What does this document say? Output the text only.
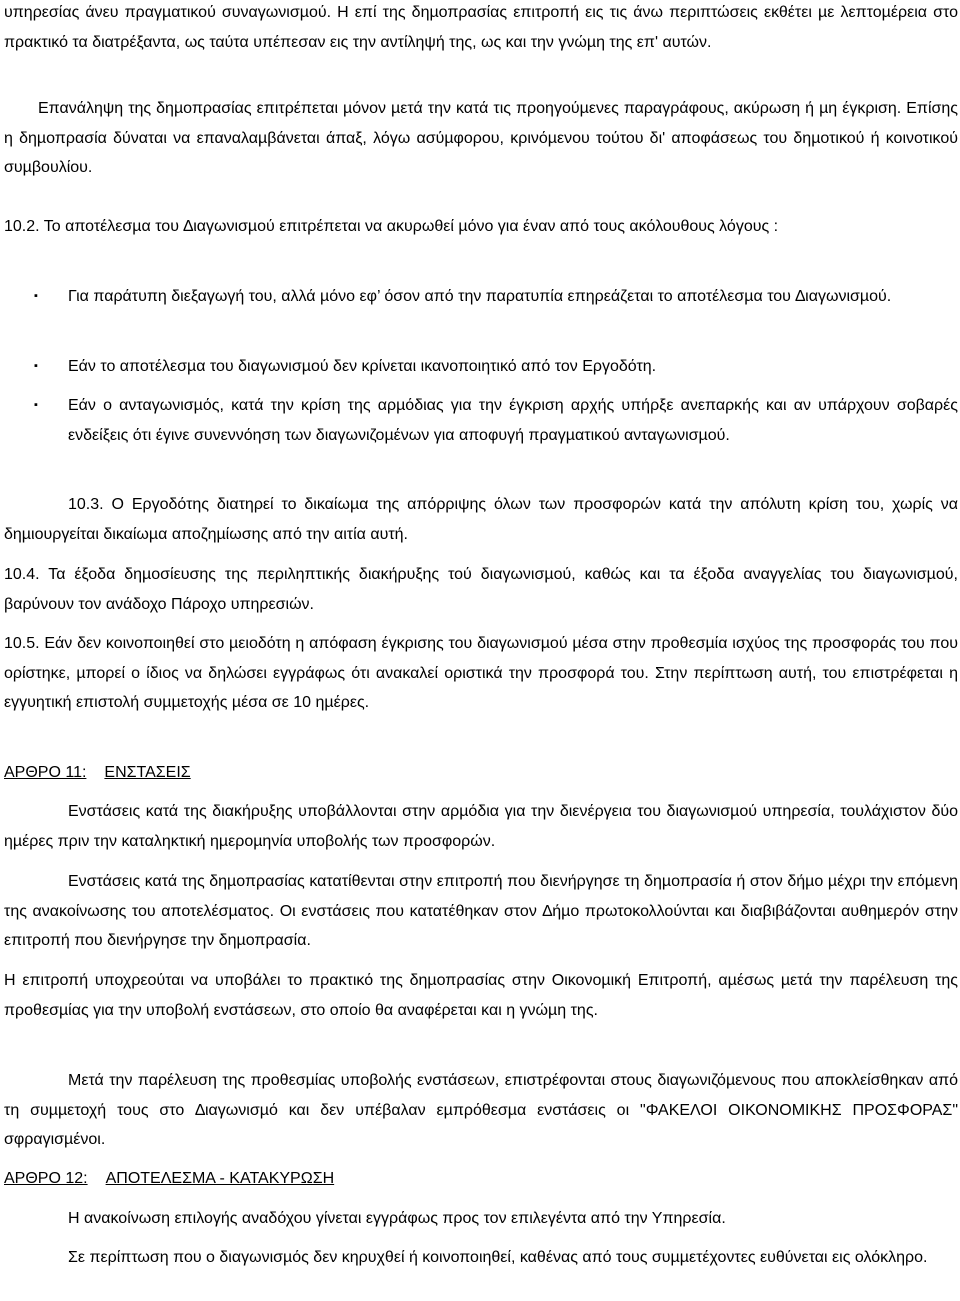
υπηρεσίας άνευ πραγµατικού συναγωνισµού. Η επί της δηµοπρασίας επιτροπή εις τις άνω περιπτώσεις εκθέτει µε λεπτοµέρεια στο πρακτικό τα διατρέξαντα, ως ταύτα υπέπεσαν εις την αντίληψή της, ως και την γνώµη της επ' αυτών.

Επανάληψη της δηµοπρασίας επιτρέπεται µόνον µετά την κατά τις προηγούµενες παραγράφους, ακύρωση ή µη έγκριση. Επίσης η δηµοπρασία δύναται να επαναλαµβάνεται άπαξ, λόγω ασύµφορου, κρινόµενου τούτου δι' αποφάσεως του δηµοτικού ή κοινοτικού συµβουλίου.

10.2. Το αποτέλεσµα του ∆ιαγωνισµού επιτρέπεται να ακυρωθεί µόνο για έναν από τους ακόλουθους λόγους :

▪ Για παράτυπη διεξαγωγή του, αλλά µόνο εφ’ όσον από την παρατυπία επηρεάζεται το αποτέλεσµα του ∆ιαγωνισµού.
▪ Εάν το αποτέλεσµα του διαγωνισµού δεν κρίνεται ικανοποιητικό από τον Εργοδότη.
▪ Εάν ο ανταγωνισµός, κατά την κρίση της αρµόδιας για την έγκριση αρχής υπήρξε ανεπαρκής και αν υπάρχουν σοβαρές ενδείξεις ότι έγινε συνεννόηση των διαγωνιζοµένων για αποφυγή πραγµατικού ανταγωνισµού.

10.3. Ο Εργοδότης διατηρεί το δικαίωµα της απόρριψης όλων των προσφορών κατά την απόλυτη κρίση του, χωρίς να δηµιουργείται δικαίωµα αποζηµίωσης από την αιτία αυτή.

10.4. Τα έξοδα δηµοσίευσης της περιληπτικής διακήρυξης τού διαγωνισµού, καθώς και τα έξοδα αναγγελίας του διαγωνισµού, βαρύνουν τον ανάδοχο Πάροχο υπηρεσιών.

10.5. Εάν δεν κοινοποιηθεί στο µειοδότη η απόφαση έγκρισης του διαγωνισµού µέσα στην προθεσµία ισχύος της προσφοράς του που ορίστηκε, µπορεί ο ίδιος να δηλώσει εγγράφως ότι ανακαλεί οριστικά την προσφορά του. Στην περίπτωση αυτή, του επιστρέφεται η εγγυητική επιστολή συµµετοχής µέσα σε 10 ηµέρες.

ΑΡΘΡΟ 11: ΕΝΣΤΑΣΕΙΣ

Ενστάσεις κατά της διακήρυξης υποβάλλονται στην αρµόδια για την διενέργεια του διαγωνισµού υπηρεσία, τουλάχιστον δύο ηµέρες πριν την καταληκτική ηµεροµηνία υποβολής των προσφορών.

Ενστάσεις κατά της δηµοπρασίας κατατίθενται στην επιτροπή που διενήργησε τη δηµοπρασία ή στον δήµο µέχρι την επόµενη της ανακοίνωσης του αποτελέσµατος. Οι ενστάσεις που κατατέθηκαν στον ∆ήµο πρωτοκολλούνται και διαβιβάζονται αυθηµερόν στην επιτροπή που διενήργησε την δηµοπρασία.

Η επιτροπή υποχρεούται να υποβάλει το πρακτικό της δηµοπρασίας στην Οικονοµική Επιτροπή, αµέσως µετά την παρέλευση της προθεσµίας για την υποβολή ενστάσεων, στο οποίο θα αναφέρεται και η γνώµη της.

Μετά την παρέλευση της προθεσµίας υποβολής ενστάσεων, επιστρέφονται στους διαγωνιζόµενους που αποκλείσθηκαν από τη συµµετοχή τους στο ∆ιαγωνισµό και δεν υπέβαλαν εµπρόθεσµα ενστάσεις οι "ΦΑΚΕΛΟΙ ΟΙΚΟΝΟΜΙΚΗΣ ΠΡΟΣΦΟΡΑΣ" σφραγισµένοι.

ΑΡΘΡΟ 12: ΑΠΟΤΕΛΕΣΜΑ - ΚΑΤΑΚΥΡΩΣΗ

Η ανακοίνωση επιλογής αναδόχου γίνεται εγγράφως προς τον επιλεγέντα από την Υπηρεσία.

Σε περίπτωση που ο διαγωνισµός δεν κηρυχθεί ή κοινοποιηθεί, καθένας από τους συµµετέχοντες ευθύνεται εις ολόκληρο.
